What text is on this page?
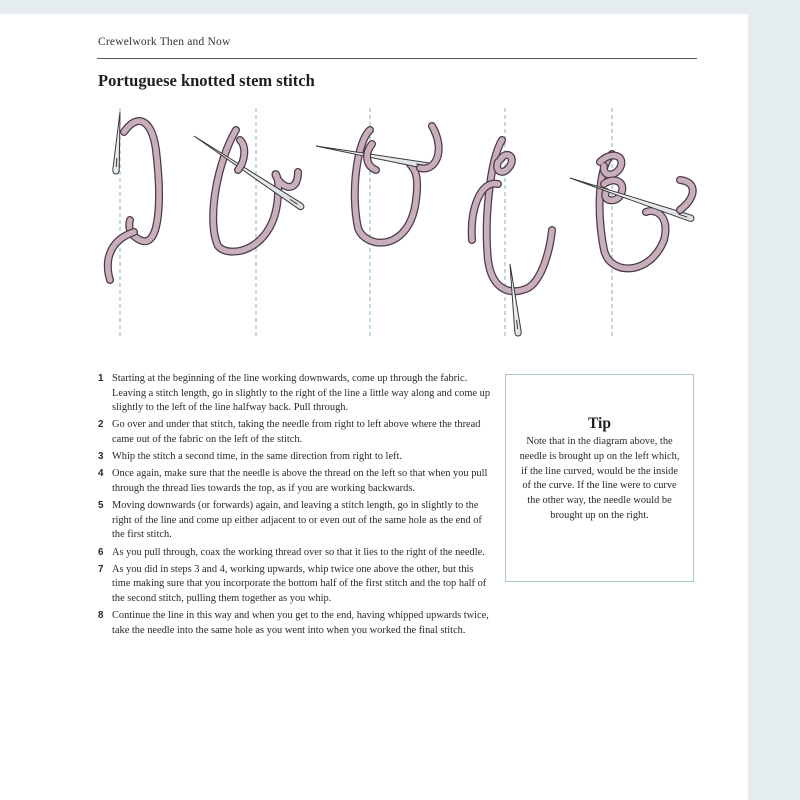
Crewelwork Then and Now
Portuguese knotted stem stitch
1 Starting at the beginning of the line working downwards, come up through the fabric. Leaving a stitch length, go in slightly to the right of the line a little way along and come up slightly to the left of the line halfway back. Pull through.
2 Go over and under that stitch, taking the needle from right to left above where the thread came out of the fabric on the left of the stitch.
3 Whip the stitch a second time, in the same direction from right to left.
4 Once again, make sure that the needle is above the thread on the left so that when you pull through the thread lies towards the top, as if you are working backwards.
5 Moving downwards (or forwards) again, and leaving a stitch length, go in slightly to the right of the line and come up either adjacent to or even out of the same hole as the end of the first stitch.
6 As you pull through, coax the working thread over so that it lies to the right of the needle.
7 As you did in steps 3 and 4, working upwards, whip twice one above the other, but this time making sure that you incorporate the bottom half of the first stitch and the top half of the second stitch, pulling them together as you whip.
8 Continue the line in this way and when you get to the end, having whipped upwards twice, take the needle into the same hole as you went into when you worked the final stitch.
Tip
Note that in the diagram above, the needle is brought up on the left which, if the line curved, would be the inside of the curve. If the line were to curve the other way, the needle would be brought up on the right.
